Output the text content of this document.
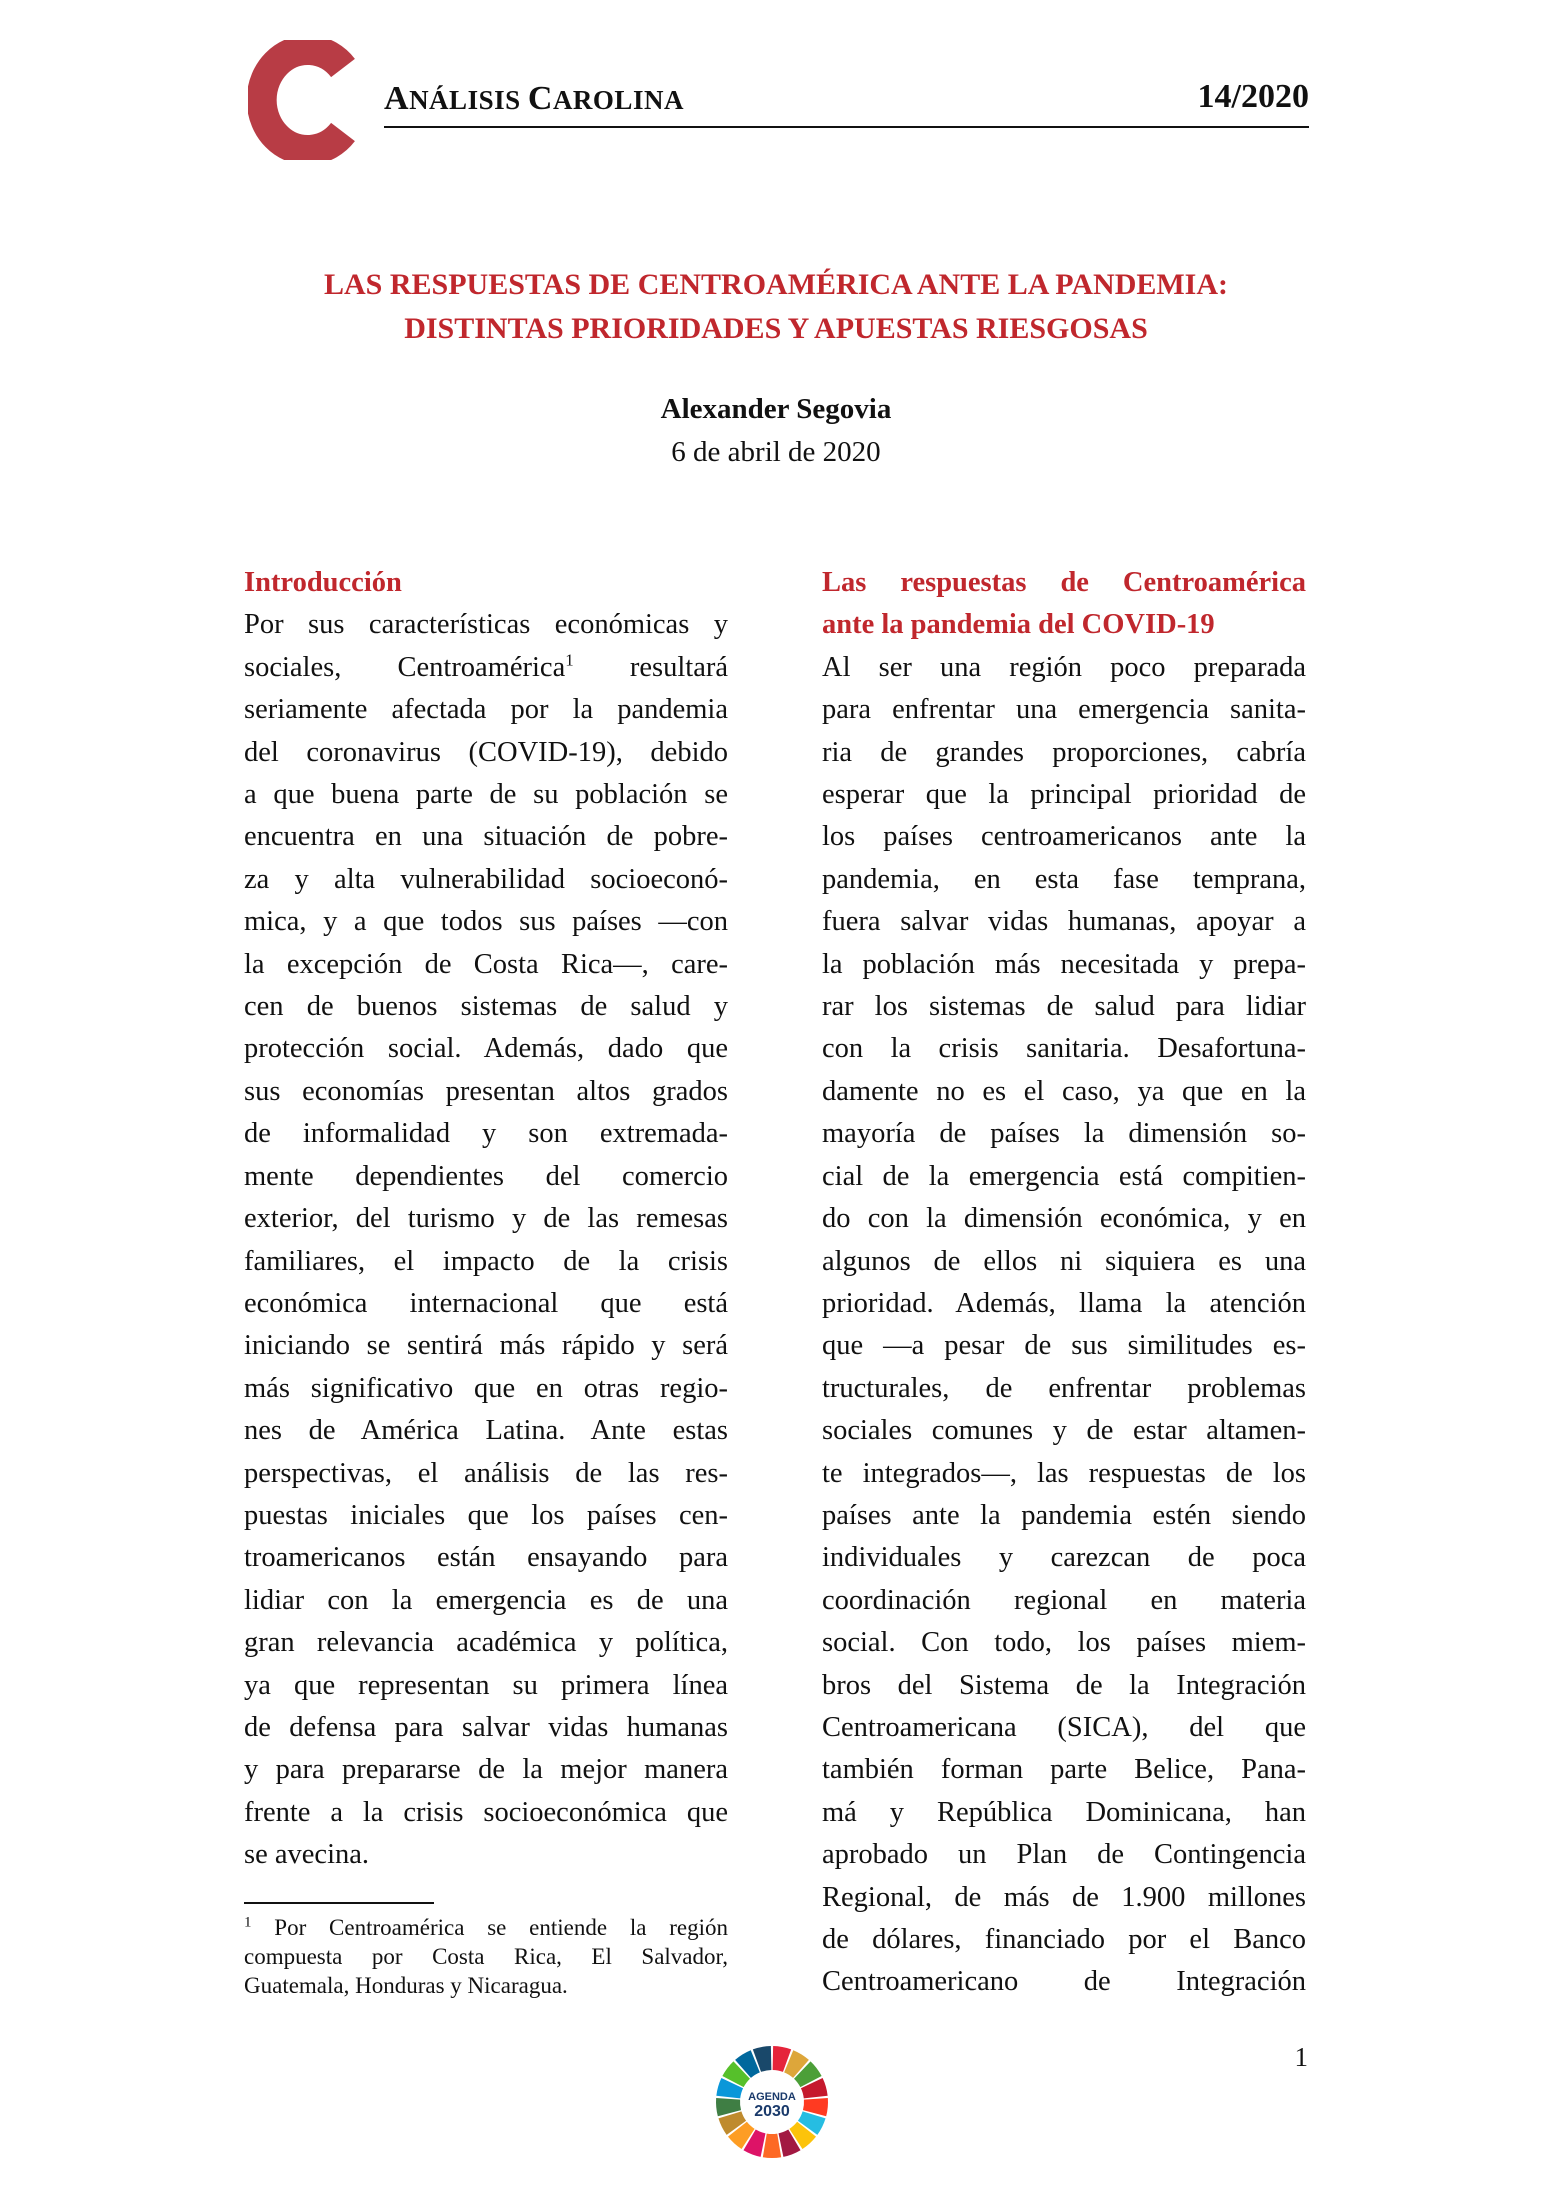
ANÁLISIS CAROLINA	14/2020
LAS RESPUESTAS DE CENTROAMÉRICA ANTE LA PANDEMIA:
DISTINTAS PRIORIDADES Y APUESTAS RIESGOSAS
Alexander Segovia
6 de abril de 2020
Introducción
Por sus características económicas y
sociales, Centroamérica$^1$ resultará
seriamente afectada por la pandemia
del coronavirus (COVID-19), debido
a que buena parte de su población se
encuentra en una situación de pobre-
za y alta vulnerabilidad socioeconó-
mica, y a que todos sus países —con
la excepción de Costa Rica—, care-
cen de buenos sistemas de salud y
protección social. Además, dado que
sus economías presentan altos grados
de informalidad y son extremada-
mente dependientes del comercio
exterior, del turismo y de las remesas
familiares, el impacto de la crisis
económica internacional que está
iniciando se sentirá más rápido y será
más significativo que en otras regio-
nes de América Latina. Ante estas
perspectivas, el análisis de las res-
puestas iniciales que los países cen-
troamericanos están ensayando para
lidiar con la emergencia es de una
gran relevancia académica y política,
ya que representan su primera línea
de defensa para salvar vidas humanas
y para prepararse de la mejor manera
frente a la crisis socioeconómica que
se avecina.
Las respuestas de Centroamérica
ante la pandemia del COVID-19
Al ser una región poco preparada
para enfrentar una emergencia sanita-
ria de grandes proporciones, cabría
esperar que la principal prioridad de
los países centroamericanos ante la
pandemia, en esta fase temprana,
fuera salvar vidas humanas, apoyar a
la población más necesitada y prepa-
rar los sistemas de salud para lidiar
con la crisis sanitaria. Desafortuna-
damente no es el caso, ya que en la
mayoría de países la dimensión so-
cial de la emergencia está compitien-
do con la dimensión económica, y en
algunos de ellos ni siquiera es una
prioridad. Además, llama la atención
que —a pesar de sus similitudes es-
tructurales, de enfrentar problemas
sociales comunes y de estar altamen-
te integrados—, las respuestas de los
países ante la pandemia estén siendo
individuales y carezcan de poca
coordinación regional en materia
social. Con todo, los países miem-
bros del Sistema de la Integración
Centroamericana (SICA), del que
también forman parte Belice, Pana-
má y República Dominicana, han
aprobado un Plan de Contingencia
Regional, de más de 1.900 millones
de dólares, financiado por el Banco
Centroamericano de Integración
$^1$ Por Centroamérica se entiende la región
compuesta por Costa Rica, El Salvador,
Guatemala, Honduras y Nicaragua.
AGENDA
2030
1
